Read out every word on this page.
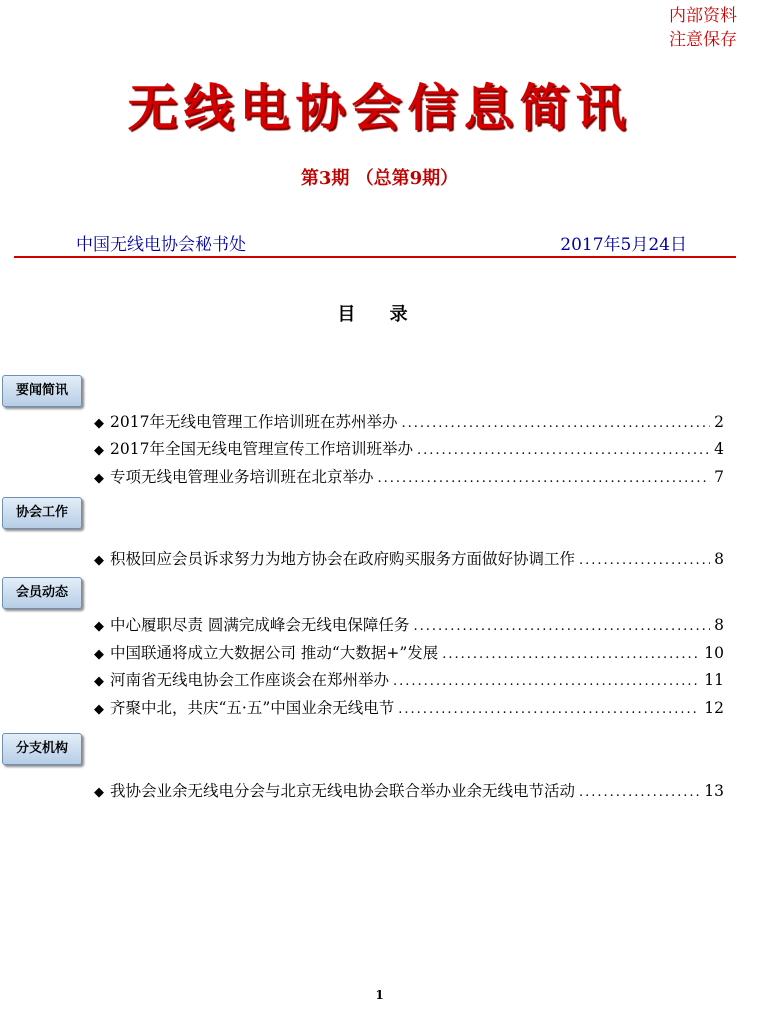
内部资料
注意保存
无线电协会信息简讯
第3期 （总第9期）
中国无线电协会秘书处	2017年5月24日
目 录
要闻简讯
◆ 2017年无线电管理工作培训班在苏州举办 .....	2
◆ 2017年全国无线电管理宣传工作培训班举办 .....	4
◆ 专项无线电管理业务培训班在北京举办 .....	7
协会工作
◆ 积极回应会员诉求努力为地方协会在政府购买服务方面做好协调工作 .....	8
会员动态
◆ 中心履职尽责 圆满完成峰会无线电保障任务 .....	8
◆ 中国联通将成立大数据公司 推动“大数据+”发展 .....	10
◆ 河南省无线电协会工作座谈会在郑州举办 .....	11
◆ 齐聚中北，共庆“五·五”中国业余无线电节 .....	12
分支机构
◆ 我协会业余无线电分会与北京无线电协会联合举办业余无线电节活动 .....	13
1
